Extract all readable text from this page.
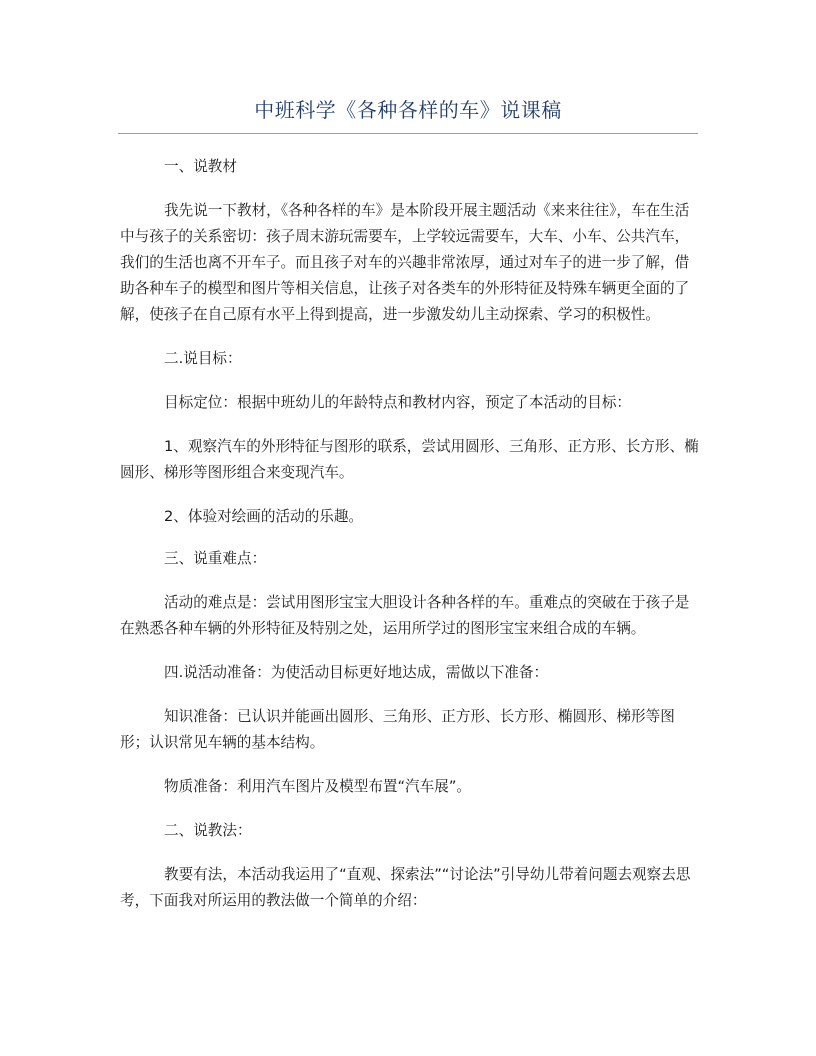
中班科学《各种各样的车》说课稿

一、说教材

我先说一下教材，《各种各样的车》是本阶段开展主题活动《来来往往》，车在生活中与孩子的关系密切：孩子周末游玩需要车，上学较远需要车，大车、小车、公共汽车，我们的生活也离不开车子。而且孩子对车的兴趣非常浓厚，通过对车子的进一步了解，借助各种车子的模型和图片等相关信息，让孩子对各类车的外形特征及特殊车辆更全面的了解，使孩子在自己原有水平上得到提高，进一步激发幼儿主动探索、学习的积极性。

二.说目标：

目标定位：根据中班幼儿的年龄特点和教材内容，预定了本活动的目标：

1、观察汽车的外形特征与图形的联系，尝试用圆形、三角形、正方形、长方形、椭圆形、梯形等图形组合来变现汽车。

2、体验对绘画的活动的乐趣。

三、说重难点：

活动的难点是：尝试用图形宝宝大胆设计各种各样的车。重难点的突破在于孩子是在熟悉各种车辆的外形特征及特别之处，运用所学过的图形宝宝来组合成的车辆。

四.说活动准备：为使活动目标更好地达成，需做以下准备：

知识准备：已认识并能画出圆形、三角形、正方形、长方形、椭圆形、梯形等图形；认识常见车辆的基本结构。

物质准备：利用汽车图片及模型布置“汽车展”。

二、说教法：

教要有法，本活动我运用了“直观、探索法”“讨论法”引导幼儿带着问题去观察去思考，下面我对所运用的教法做一个简单的介绍：
